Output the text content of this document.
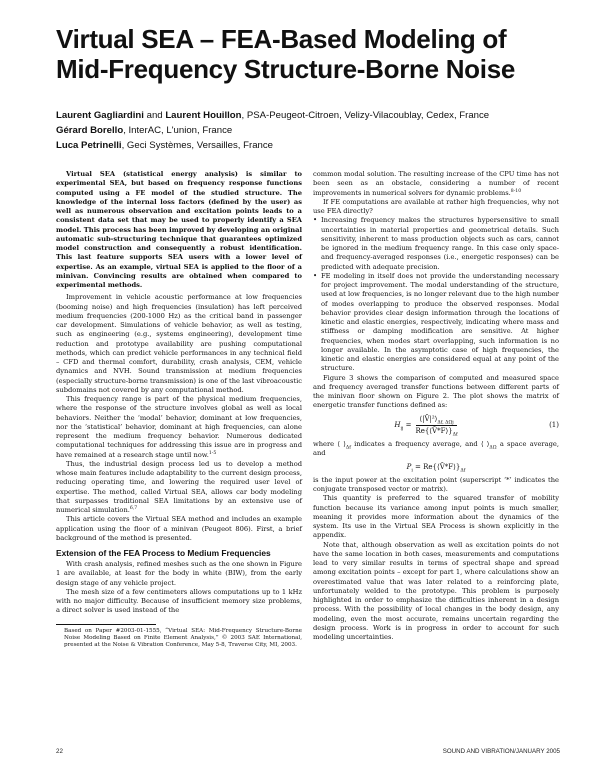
Virtual SEA – FEA-Based Modeling of
Mid-Frequency Structure-Borne Noise
Laurent Gagliardini and Laurent Houillon, PSA-Peugeot-Citroen, Velizy-Vilacoublay, Cedex, France
Gérard Borello, InterAC, L'union, France
Luca Petrinelli, Geci Systèmes, Versailles, France

Virtual SEA (statistical energy analysis) is similar to experimental SEA, but based on frequency response functions computed using a FE model of the studied structure. The knowledge of the internal loss factors (defined by the user) as well as numerous observation and excitation points leads to a consistent data set that may be used to properly identify a SEA model. This process has been improved by developing an original automatic sub-structuring technique that guarantees optimized model construction and consequently a robust identification. This last feature supports SEA users with a lower level of expertise. As an example, virtual SEA is applied to the floor of a minivan. Convincing results are obtained when compared to experimental methods.

Improvement in vehicle acoustic performance at low frequencies (booming noise) and high frequencies (insulation) has left perceived medium frequencies (200-1000 Hz) as the critical band in passenger car development. Simulations of vehicle behavior, as well as testing, such as engineering (e.g., systems engineering), development time reduction and prototype availability are pushing computational methods, which can predict vehicle performances in any technical field – CFD and thermal comfort, durability, crash analysis, CEM, vehicle dynamics and NVH. Sound transmission at medium frequencies (especially structure-borne transmission) is one of the last vibroacoustic subdomains not covered by any computational method.

This frequency range is part of the physical medium frequencies, where the response of the structure involves global as well as local behaviors. Neither the ‘modal’ behavior, dominant at low frequencies, nor the ‘statistical’ behavior, dominant at high frequencies, can alone represent the medium frequency behavior. Numerous dedicated computational techniques for addressing this issue are in progress and have remained at a research stage until now.$^{1-5}$

Thus, the industrial design process led us to develop a method whose main features include adaptability to the current design process, reducing operating time, and lowering the required user level of expertise. The method, called Virtual SEA, allows car body modeling that surpasses traditional SEA limitations by an extensive use of numerical simulation.$^{6,7}$

This article covers the Virtual SEA method and includes an example application using the floor of a minivan (Peugeot 806). First, a brief background of the method is presented.

Extension of the FEA Process to Medium Frequencies

With crash analysis, refined meshes such as the one shown in Figure 1 are available, at least for the body in white (BIW), from the early design stage of any vehicle project.

The mesh size of a few centimeters allows computations up to 1 kHz with no major difficulty. Because of insufficient memory size problems, a direct solver is used instead of the

Based on Paper #2003-01-1555, “Virtual SEA: Mid-Frequency Structure-Borne Noise Modeling Based on Finite Element Analysis,” © 2003 SAE International, presented at the Noise & Vibration Conference, May 5-8, Traverse City, MI, 2003.

common modal solution. The resulting increase of the CPU time has not been seen as an obstacle, considering a number of recent improvements in numerical solvers for dynamic problems.$^{8-10}$

If FE computations are available at rather high frequencies, why not use FEA directly?

• Increasing frequency makes the structures hypersensitive to small uncertainties in material properties and geometrical details. Such sensitivity, inherent to mass production objects such as cars, cannot be ignored in the medium frequency range. In this case only space- and frequency-averaged responses (i.e., energetic responses) can be predicted with adequate precision.

• FE modeling in itself does not provide the understanding necessary for project improvement. The modal understanding of the structure, used at low frequencies, is no longer relevant due to the high number of modes overlapping to produce the observed responses. Modal behavior provides clear design information through the locations of kinetic and elastic energies, respectively, indicating where mass and stiffness or damping modification are sensitive. At higher frequencies, when modes start overlapping, such information is no longer available. In the asymptotic case of high frequencies, the kinetic and elastic energies are considered equal at any point of the structure.

Figure 3 shows the comparison of computed and measured space and frequency averaged transfer functions between different parts of the minivan floor shown on Figure 2. The plot shows the matrix of energetic transfer functions defined as:

$H_{ij} = \frac{⟨|V̄|^2⟩_{\Delta f, \Delta\Omega j}}{Re\{⟨V̄*F⟩\}_{\Delta f}}$	(1)

where ⟨ $⟩_{\Delta f}$ indicates a frequency average, and ⟨ $⟩_{\Delta\Omega}$ a space average, and

$P_i$ = $Re\{⟨V̄*F⟩\}_{\Delta f}$

is the input power at the excitation point (superscript ‘*’ indicates the conjugate transposed vector or matrix).

This quantity is preferred to the squared transfer of mobility function because its variance among input points is much smaller, meaning it provides more information about the dynamics of the system. Its use in the Virtual SEA Process is shown explicitly in the appendix.

Note that, although observation as well as excitation points do not have the same location in both cases, measurements and computations lead to very similar results in terms of spectral shape and spread among excitation points – except for part 1, where calculations show an overestimated value that was later related to a reinforcing plate, unfortunately welded to the prototype. This problem is purposely highlighted in order to emphasize the difficulties inherent in a design process. With the possibility of local changes in the body design, any modeling, even the most accurate, remains uncertain regarding the design process. Work is in progress in order to account for such modeling uncertainties.

22	SOUND AND VIBRATION/JANUARY 2005
